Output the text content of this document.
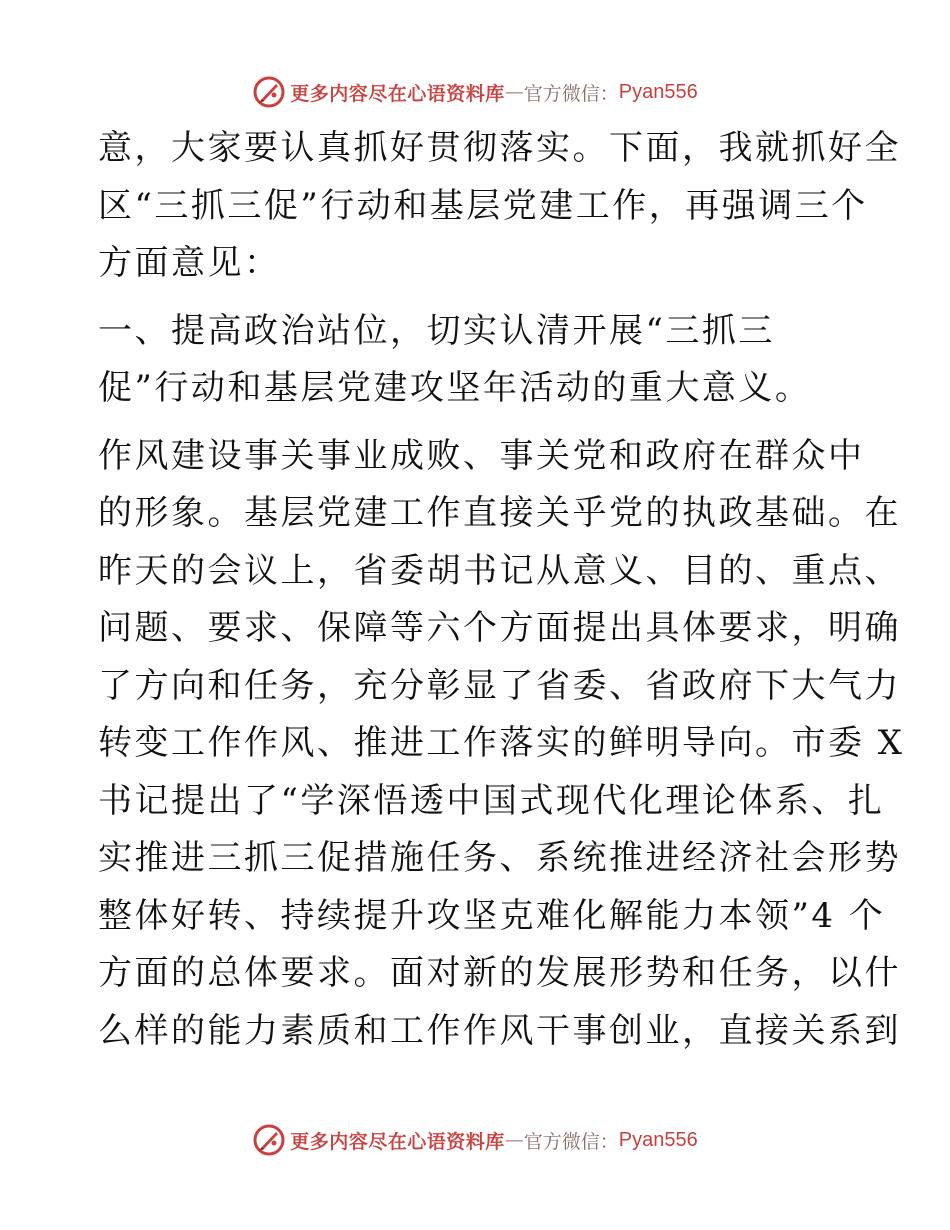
更多内容尽在心语资料库 — 官方微信： Pyan556

意，大家要认真抓好贯彻落实。下面，我就抓好全
区“三抓三促”行动和基层党建工作，再强调三个
方面意见：

一、提高政治站位，切实认清开展“三抓三
促”行动和基层党建攻坚年活动的重大意义。

作风建设事关事业成败、事关党和政府在群众中
的形象。基层党建工作直接关乎党的执政基础。在
昨天的会议上，省委胡书记从意义、目的、重点、
问题、要求、保障等六个方面提出具体要求，明确
了方向和任务，充分彰显了省委、省政府下大气力
转变工作作风、推进工作落实的鲜明导向。市委 X
书记提出了“学深悟透中国式现代化理论体系、扎
实推进三抓三促措施任务、系统推进经济社会形势
整体好转、持续提升攻坚克难化解能力本领”4 个
方面的总体要求。面对新的发展形势和任务，以什
么样的能力素质和工作作风干事创业，直接关系到

更多内容尽在心语资料库 — 官方微信： Pyan556
